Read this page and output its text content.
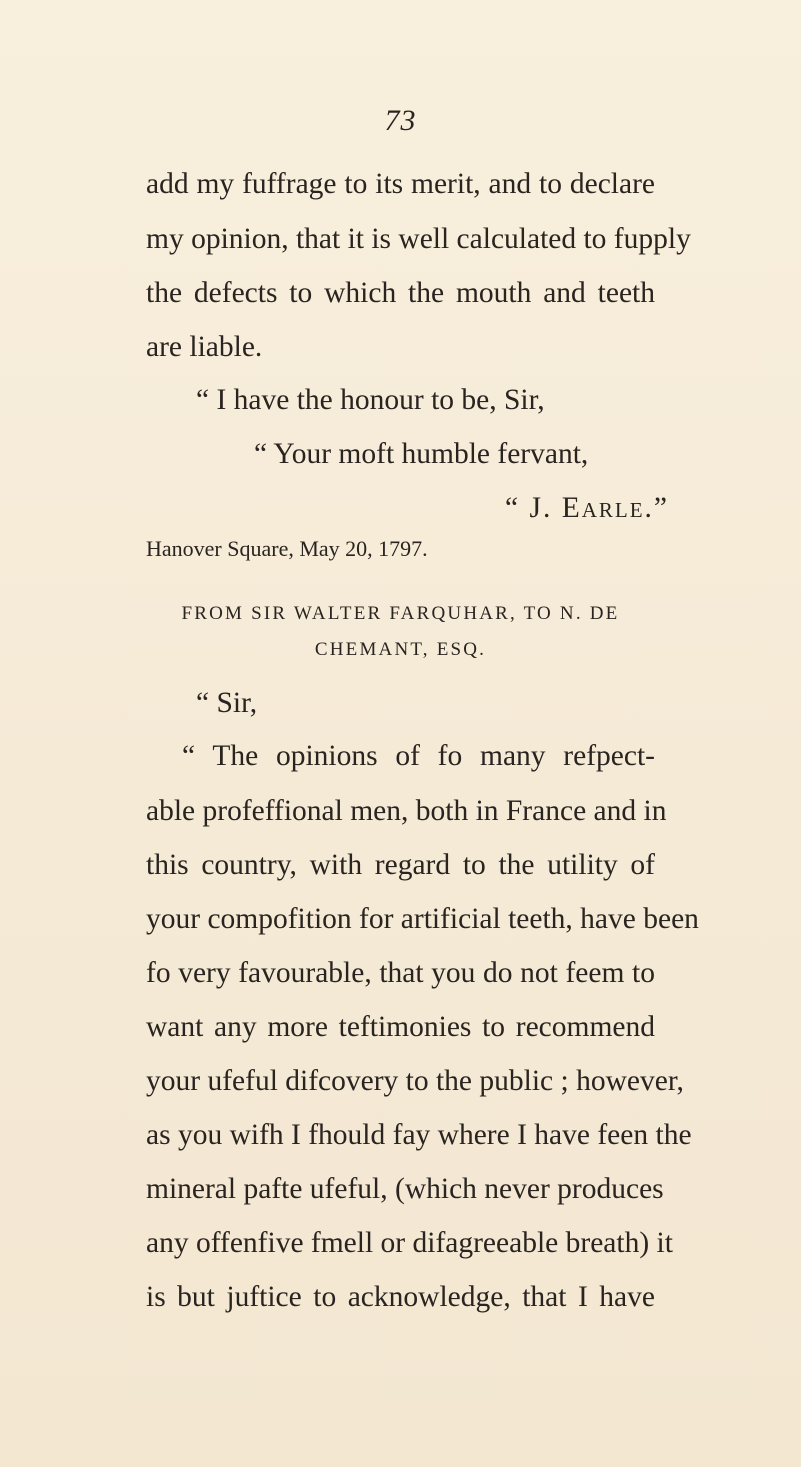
73
add my fuffrage to its merit, and to declare
my opinion, that it is well calculated to fupply
the defects to which the mouth and teeth
are liable.
“ I have the honour to be, Sir,
“ Your moft humble fervant,
“ J. Earle.”
Hanover Square, May 20, 1797.
FROM SIR WALTER FARQUHAR, TO N. DE
CHEMANT, ESQ.
“ Sir,
“ The opinions of fo many refpect-
able profeffional men, both in France and in
this country, with regard to the utility of
your compofition for artificial teeth, have been
fo very favourable, that you do not feem to
want any more teftimonies to recommend
your ufeful difcovery to the public ; however,
as you wifh I fhould fay where I have feen the
mineral pafte ufeful, (which never produces
any offenfive fmell or difagreeable breath) it
is but juftice to acknowledge, that I have
